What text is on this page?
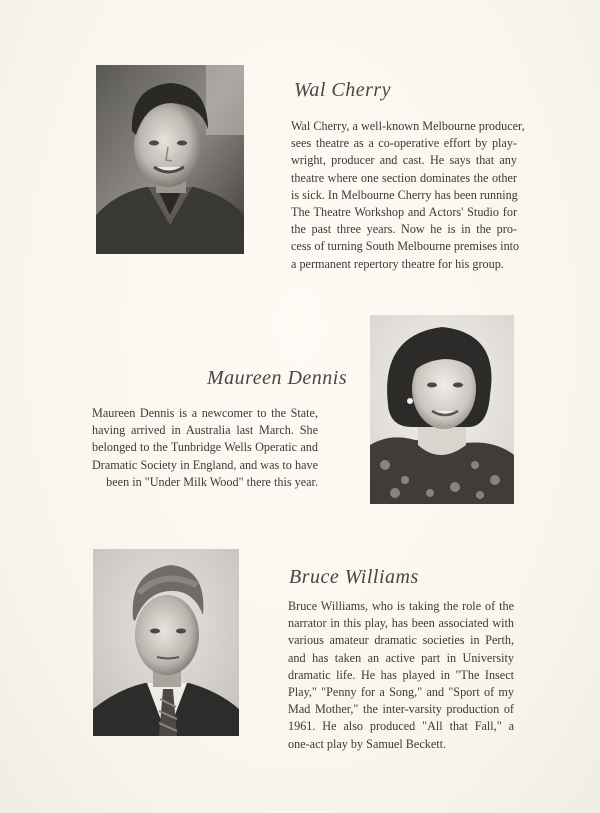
Wal Cherry
Wal Cherry, a well-known Melbourne producer,
sees theatre as a co-operative effort by play-
wright, producer and cast. He says that any
theatre where one section dominates the other
is sick. In Melbourne Cherry has been running
The Theatre Workshop and Actors' Studio for
the past three years. Now he is in the pro-
cess of turning South Melbourne premises into
a permanent repertory theatre for his group.
Maureen Dennis
Maureen Dennis is a newcomer to the State,
having arrived in Australia last March. She
belonged to the Tunbridge Wells Operatic and
Dramatic Society in England, and was to have
been in "Under Milk Wood" there this year.
Bruce Williams
Bruce Williams, who is taking the role of the
narrator in this play, has been associated with
various amateur dramatic societies in Perth,
and has taken an active part in University
dramatic life. He has played in "The Insect
Play," "Penny for a Song," and "Sport of my
Mad Mother," the inter-varsity production of
1961. He also produced "All that Fall," a
one-act play by Samuel Beckett.
